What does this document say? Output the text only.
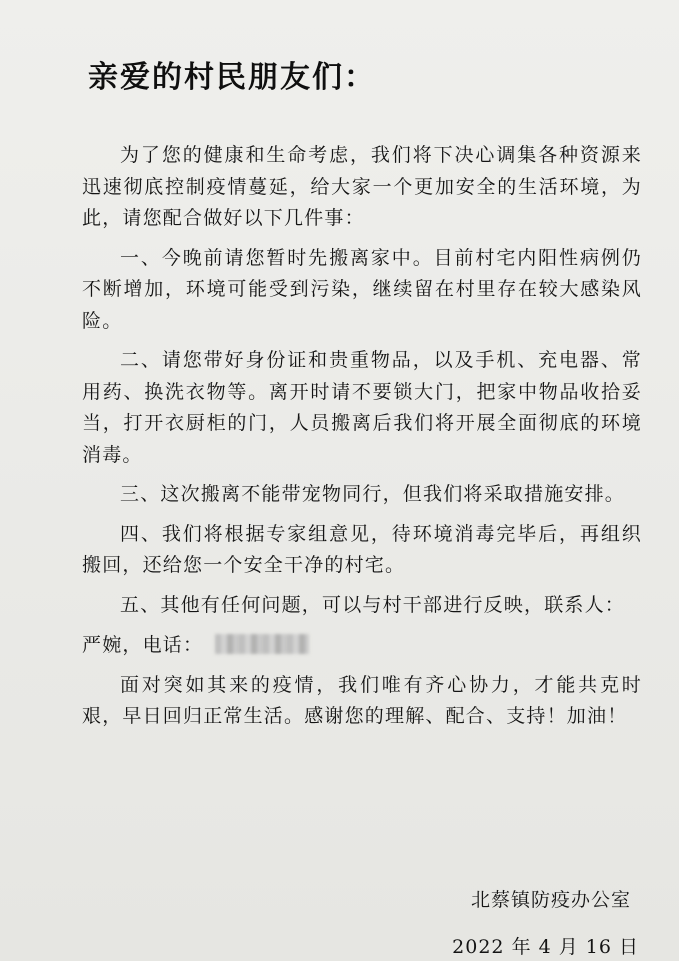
亲爱的村民朋友们：

为了您的健康和生命考虑，我们将下决心调集各种资源来迅速彻底控制疫情蔓延，给大家一个更加安全的生活环境，为此，请您配合做好以下几件事：

一、今晚前请您暂时先搬离家中。目前村宅内阳性病例仍不断增加，环境可能受到污染，继续留在村里存在较大感染风险。

二、请您带好身份证和贵重物品，以及手机、充电器、常用药、换洗衣物等。离开时请不要锁大门，把家中物品收拾妥当，打开衣厨柜的门，人员搬离后我们将开展全面彻底的环境消毒。

三、这次搬离不能带宠物同行，但我们将采取措施安排。

四、我们将根据专家组意见，待环境消毒完毕后，再组织搬回，还给您一个安全干净的村宅。

五、其他有任何问题，可以与村干部进行反映，联系人：

严婉，电话：

面对突如其来的疫情，我们唯有齐心协力，才能共克时艰，早日回归正常生活。感谢您的理解、配合、支持！加油！

北蔡镇防疫办公室
2022 年 4 月 16 日
